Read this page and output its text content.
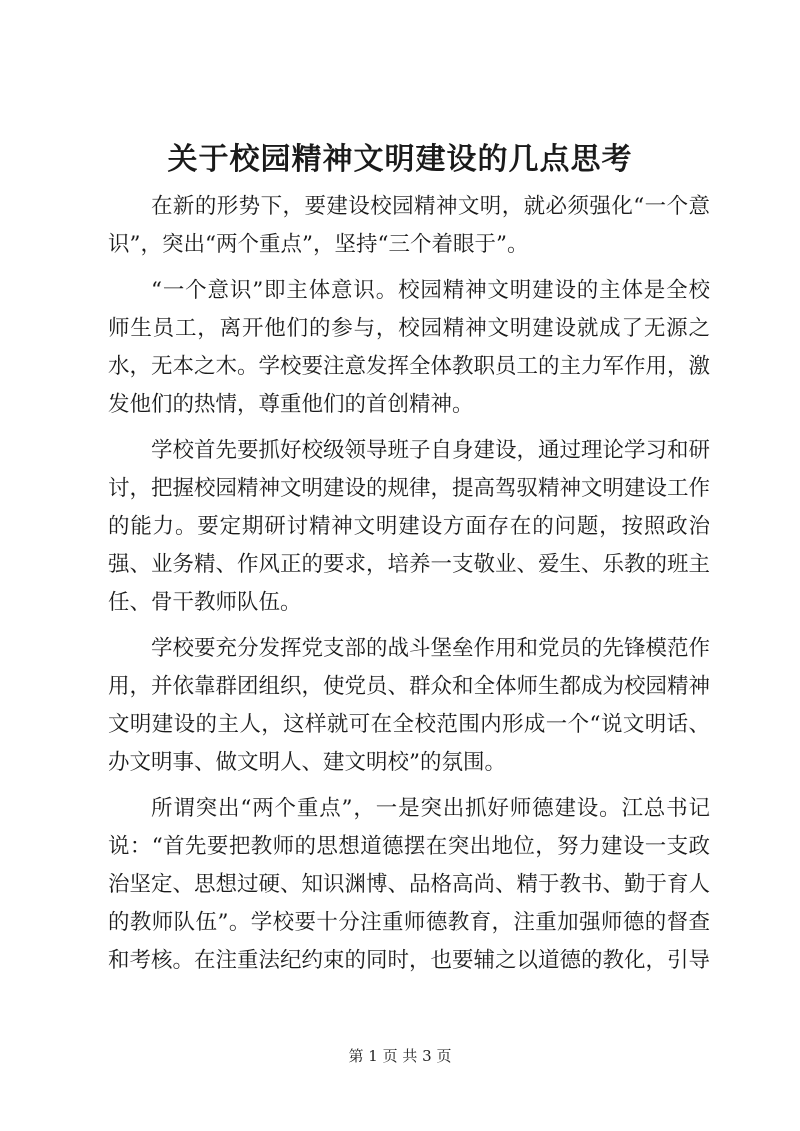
关于校园精神文明建设的几点思考

在新的形势下，要建设校园精神文明，就必须强化“一个意识”，突出“两个重点”，坚持“三个着眼于”。

“一个意识”即主体意识。校园精神文明建设的主体是全校师生员工，离开他们的参与，校园精神文明建设就成了无源之水，无本之木。学校要注意发挥全体教职员工的主力军作用，激发他们的热情，尊重他们的首创精神。

学校首先要抓好校级领导班子自身建设，通过理论学习和研讨，把握校园精神文明建设的规律，提高驾驭精神文明建设工作的能力。要定期研讨精神文明建设方面存在的问题，按照政治强、业务精、作风正的要求，培养一支敬业、爱生、乐教的班主任、骨干教师队伍。

学校要充分发挥党支部的战斗堡垒作用和党员的先锋模范作用，并依靠群团组织，使党员、群众和全体师生都成为校园精神文明建设的主人，这样就可在全校范围内形成一个“说文明话、办文明事、做文明人、建文明校”的氛围。

所谓突出“两个重点”，一是突出抓好师德建设。江总书记说：“首先要把教师的思想道德摆在突出地位，努力建设一支政治坚定、思想过硬、知识渊博、品格高尚、精于教书、勤于育人的教师队伍”。学校要十分注重师德教育，注重加强师德的督查和考核。在注重法纪约束的同时，也要辅之以道德的教化，引导

第 1 页 共 3 页
